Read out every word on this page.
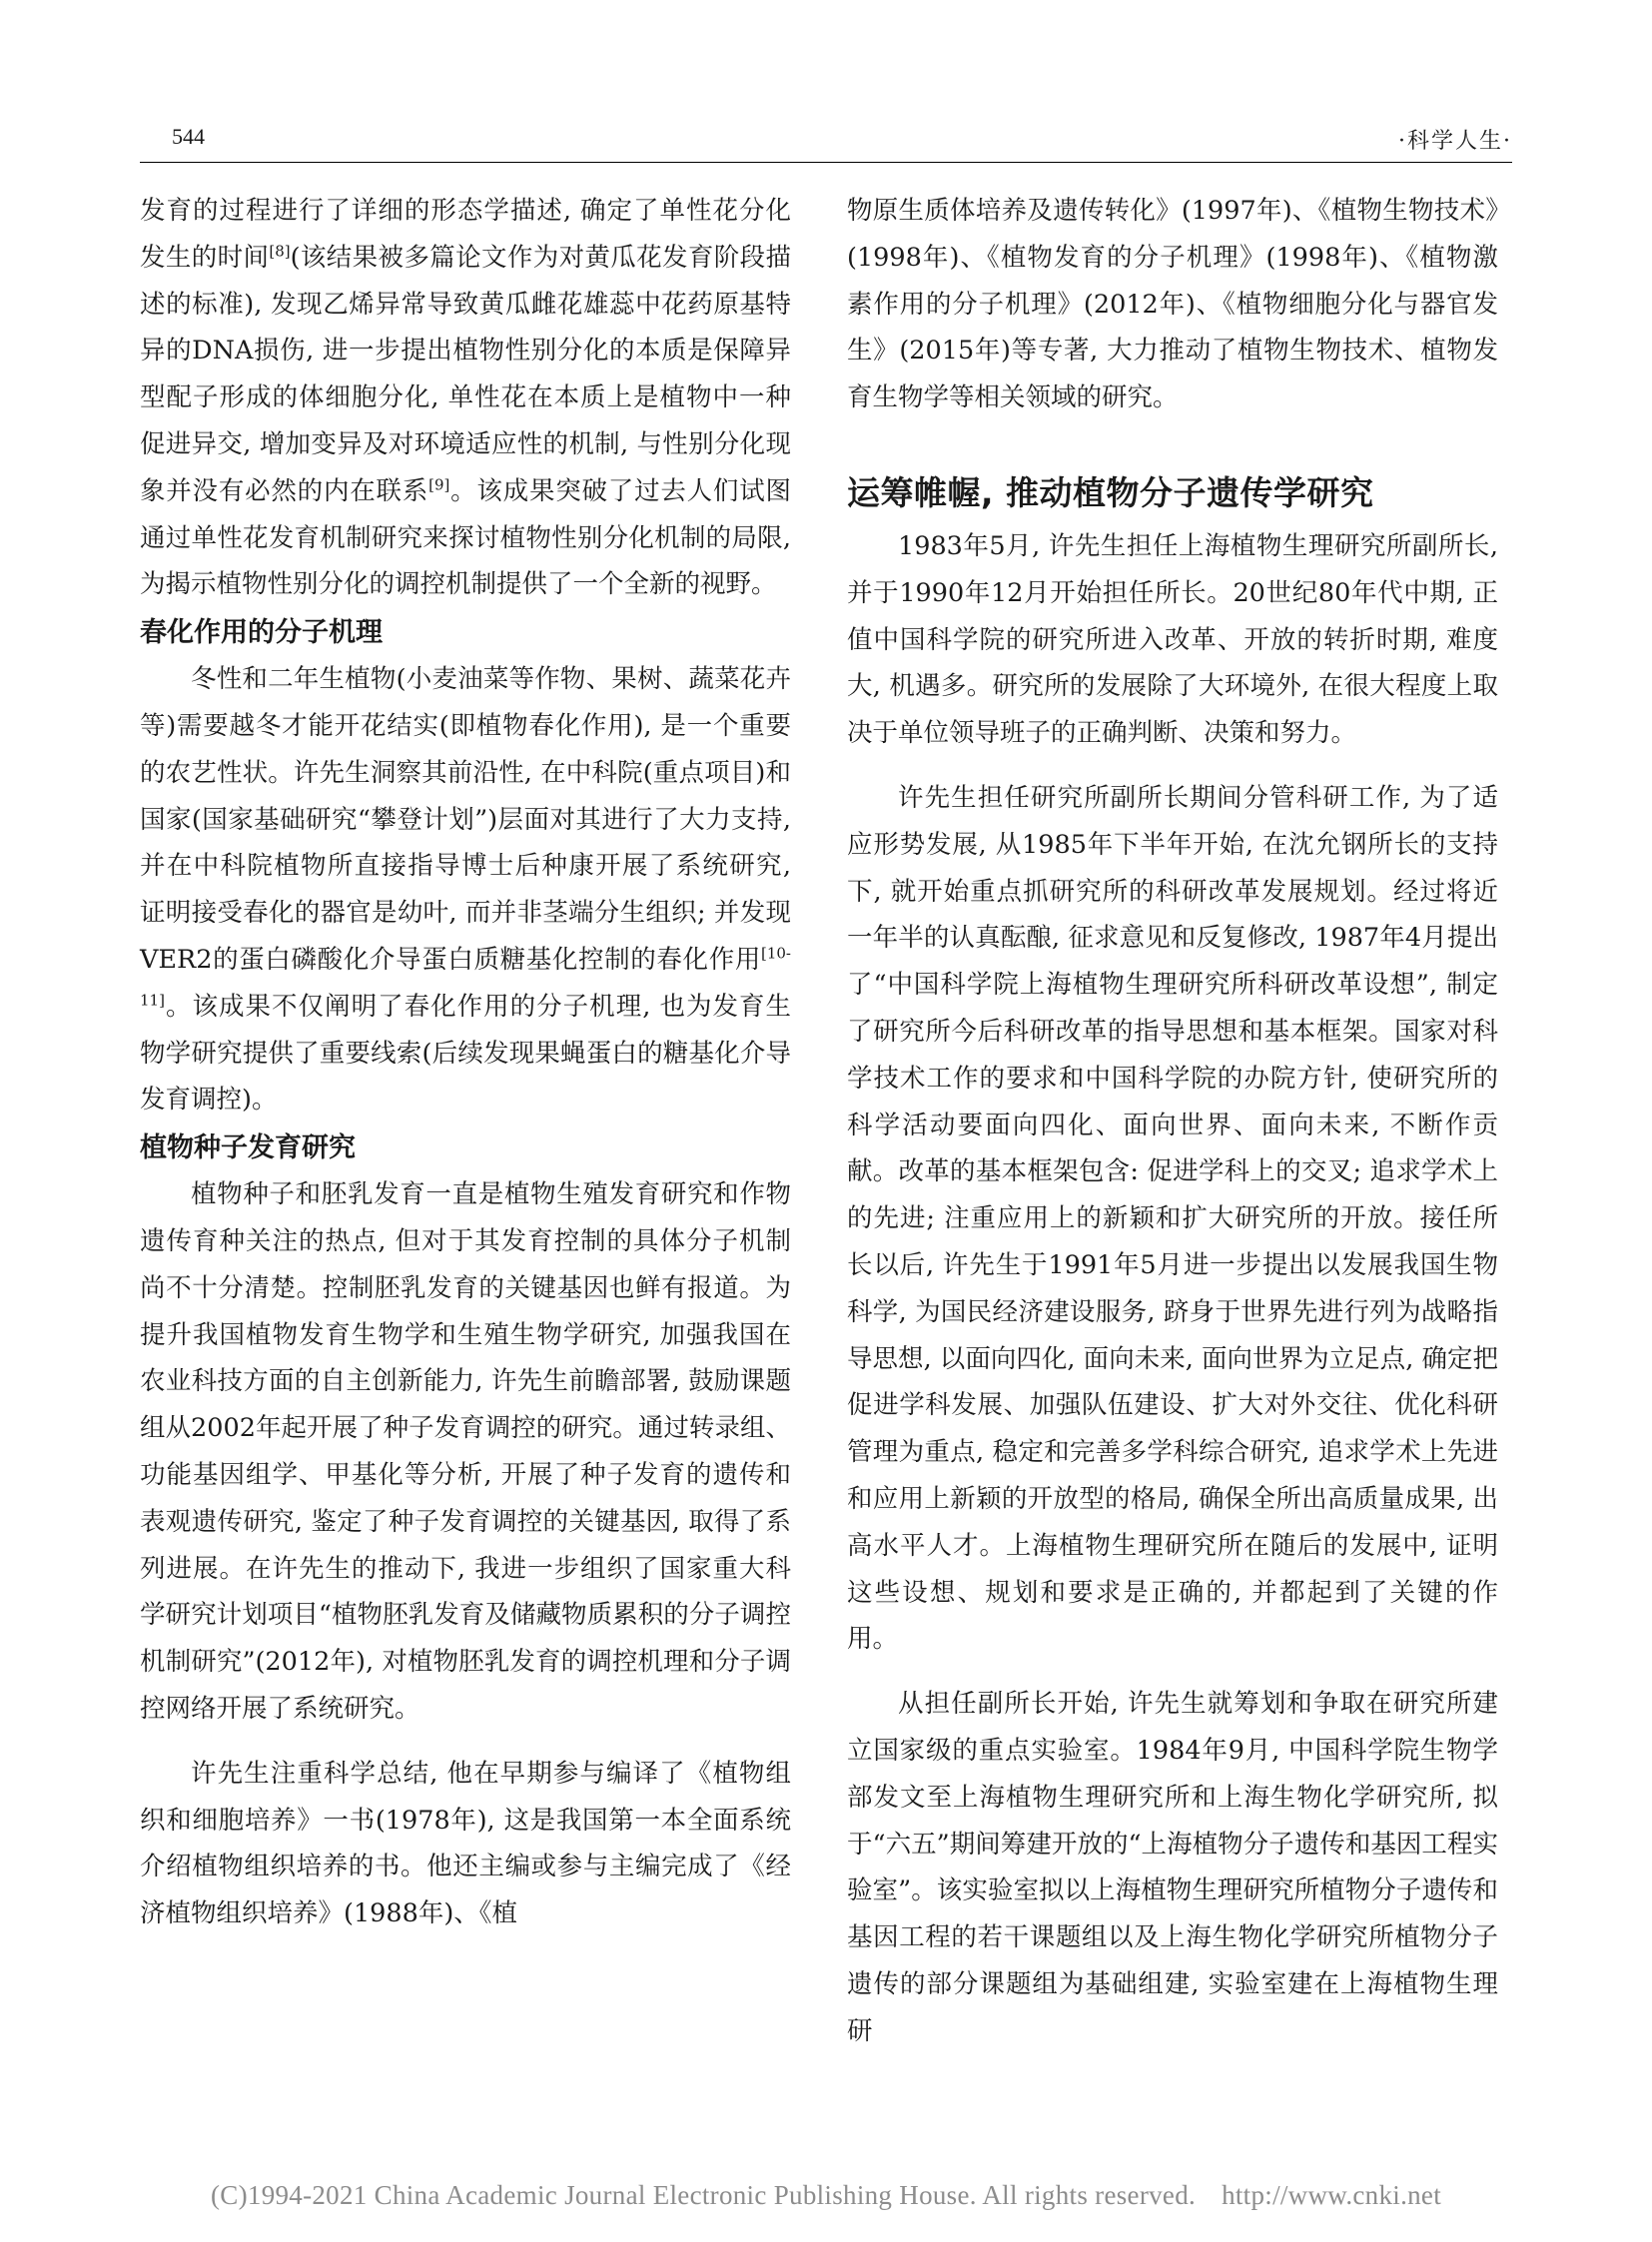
544	·科学人生·

发育的过程进行了详细的形态学描述, 确定了单性花分化发生的时间[8](该结果被多篇论文作为对黄瓜花发育阶段描述的标准), 发现乙烯异常导致黄瓜雌花雄蕊中花药原基特异的DNA损伤, 进一步提出植物性别分化的本质是保障异型配子形成的体细胞分化, 单性花在本质上是植物中一种促进异交, 增加变异及对环境适应性的机制, 与性别分化现象并没有必然的内在联系[9]。该成果突破了过去人们试图通过单性花发育机制研究来探讨植物性别分化机制的局限, 为揭示植物性别分化的调控机制提供了一个全新的视野。

春化作用的分子机理

冬性和二年生植物(小麦油菜等作物、果树、蔬菜花卉等)需要越冬才能开花结实(即植物春化作用), 是一个重要的农艺性状。许先生洞察其前沿性, 在中科院(重点项目)和国家(国家基础研究“攀登计划”)层面对其进行了大力支持, 并在中科院植物所直接指导博士后种康开展了系统研究, 证明接受春化的器官是幼叶, 而并非茎端分生组织; 并发现VER2的蛋白磷酸化介导蛋白质糖基化控制的春化作用[10-11]。该成果不仅阐明了春化作用的分子机理, 也为发育生物学研究提供了重要线索(后续发现果蝇蛋白的糖基化介导发育调控)。

植物种子发育研究

植物种子和胚乳发育一直是植物生殖发育研究和作物遗传育种关注的热点, 但对于其发育控制的具体分子机制尚不十分清楚。控制胚乳发育的关键基因也鲜有报道。为提升我国植物发育生物学和生殖生物学研究, 加强我国在农业科技方面的自主创新能力, 许先生前瞻部署, 鼓励课题组从2002年起开展了种子发育调控的研究。通过转录组、功能基因组学、甲基化等分析, 开展了种子发育的遗传和表观遗传研究, 鉴定了种子发育调控的关键基因, 取得了系列进展。在许先生的推动下, 我进一步组织了国家重大科学研究计划项目“植物胚乳发育及储藏物质累积的分子调控机制研究”(2012年), 对植物胚乳发育的调控机理和分子调控网络开展了系统研究。

许先生注重科学总结, 他在早期参与编译了《植物组织和细胞培养》一书(1978年), 这是我国第一本全面系统介绍植物组织培养的书。他还主编或参与主编完成了《经济植物组织培养》(1988年)、《植

物原生质体培养及遗传转化》(1997年)、《植物生物技术》(1998年)、《植物发育的分子机理》(1998年)、《植物激素作用的分子机理》(2012年)、《植物细胞分化与器官发生》(2015年)等专著, 大力推动了植物生物技术、植物发育生物学等相关领域的研究。

运筹帷幄, 推动植物分子遗传学研究

1983年5月, 许先生担任上海植物生理研究所副所长, 并于1990年12月开始担任所长。20世纪80年代中期, 正值中国科学院的研究所进入改革、开放的转折时期, 难度大, 机遇多。研究所的发展除了大环境外, 在很大程度上取决于单位领导班子的正确判断、决策和努力。

许先生担任研究所副所长期间分管科研工作, 为了适应形势发展, 从1985年下半年开始, 在沈允钢所长的支持下, 就开始重点抓研究所的科研改革发展规划。经过将近一年半的认真酝酿, 征求意见和反复修改, 1987年4月提出了“中国科学院上海植物生理研究所科研改革设想”, 制定了研究所今后科研改革的指导思想和基本框架。国家对科学技术工作的要求和中国科学院的办院方针, 使研究所的科学活动要面向四化、面向世界、面向未来, 不断作贡献。改革的基本框架包含: 促进学科上的交叉; 追求学术上的先进; 注重应用上的新颖和扩大研究所的开放。接任所长以后, 许先生于1991年5月进一步提出以发展我国生物科学, 为国民经济建设服务, 跻身于世界先进行列为战略指导思想, 以面向四化, 面向未来, 面向世界为立足点, 确定把促进学科发展、加强队伍建设、扩大对外交往、优化科研管理为重点, 稳定和完善多学科综合研究, 追求学术上先进和应用上新颖的开放型的格局, 确保全所出高质量成果, 出高水平人才。上海植物生理研究所在随后的发展中, 证明这些设想、规划和要求是正确的, 并都起到了关键的作用。

从担任副所长开始, 许先生就筹划和争取在研究所建立国家级的重点实验室。1984年9月, 中国科学院生物学部发文至上海植物生理研究所和上海生物化学研究所, 拟于“六五”期间筹建开放的“上海植物分子遗传和基因工程实验室”。该实验室拟以上海植物生理研究所植物分子遗传和基因工程的若干课题组以及上海生物化学研究所植物分子遗传的部分课题组为基础组建, 实验室建在上海植物生理研

(C)1994-2021 China Academic Journal Electronic Publishing House. All rights reserved. http://www.cnki.net
